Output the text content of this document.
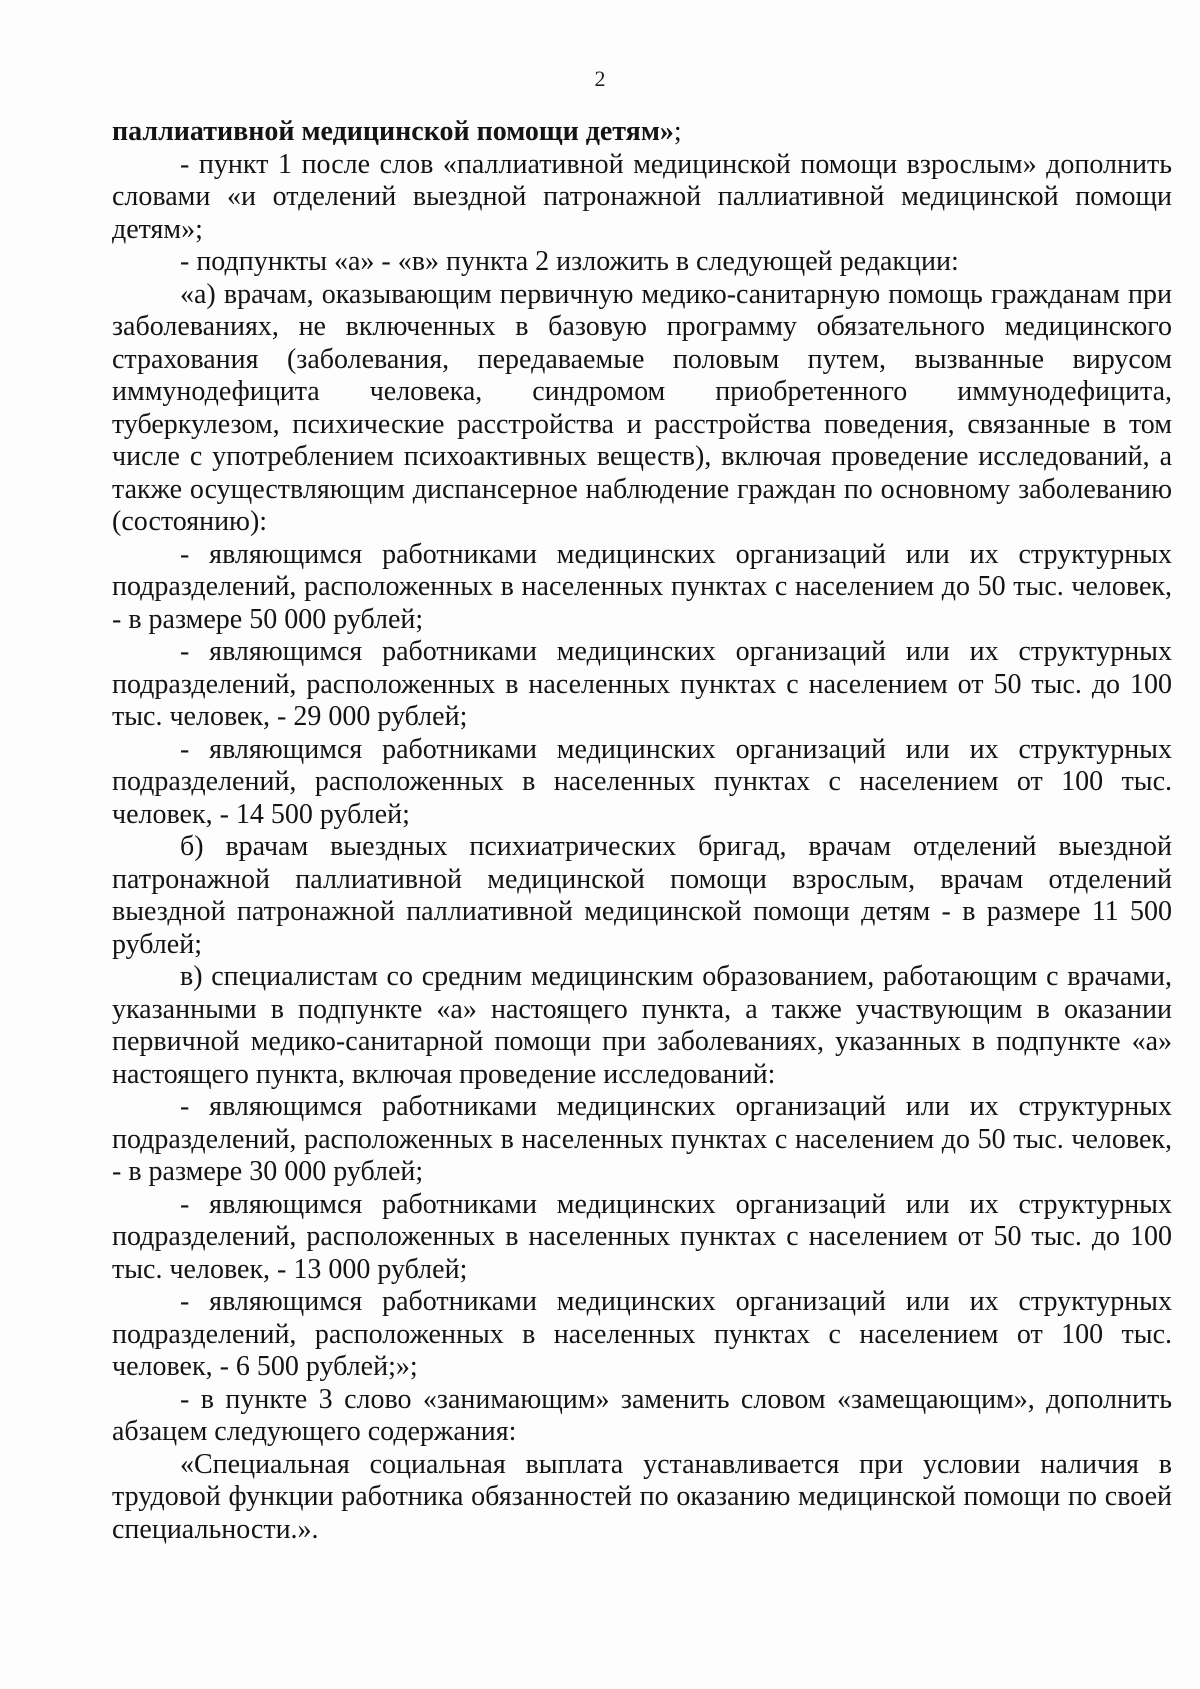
2

паллиативной медицинской помощи детям»;

- пункт 1 после слов «паллиативной медицинской помощи взрослым» дополнить словами «и отделений выездной патронажной паллиативной медицинской помощи детям»;

- подпункты «а» - «в» пункта 2 изложить в следующей редакции:

«а) врачам, оказывающим первичную медико-санитарную помощь гражданам при заболеваниях, не включенных в базовую программу обязательного медицинского страхования (заболевания, передаваемые половым путем, вызванные вирусом иммунодефицита человека, синдромом приобретенного иммунодефицита, туберкулезом, психические расстройства и расстройства поведения, связанные в том числе с употреблением психоактивных веществ), включая проведение исследований, а также осуществляющим диспансерное наблюдение граждан по основному заболеванию (состоянию):

- являющимся работниками медицинских организаций или их структурных подразделений, расположенных в населенных пунктах с населением до 50 тыс. человек, - в размере 50 000 рублей;

- являющимся работниками медицинских организаций или их структурных подразделений, расположенных в населенных пунктах с населением от 50 тыс. до 100 тыс. человек, - 29 000 рублей;

- являющимся работниками медицинских организаций или их структурных подразделений, расположенных в населенных пунктах с населением от 100 тыс. человек, - 14 500 рублей;

б) врачам выездных психиатрических бригад, врачам отделений выездной патронажной паллиативной медицинской помощи взрослым, врачам отделений выездной патронажной паллиативной медицинской помощи детям - в размере 11 500 рублей;

в) специалистам со средним медицинским образованием, работающим с врачами, указанными в подпункте «а» настоящего пункта, а также участвующим в оказании первичной медико-санитарной помощи при заболеваниях, указанных в подпункте «а» настоящего пункта, включая проведение исследований:

- являющимся работниками медицинских организаций или их структурных подразделений, расположенных в населенных пунктах с населением до 50 тыс. человек, - в размере 30 000 рублей;

- являющимся работниками медицинских организаций или их структурных подразделений, расположенных в населенных пунктах с населением от 50 тыс. до 100 тыс. человек, - 13 000 рублей;

- являющимся работниками медицинских организаций или их структурных подразделений, расположенных в населенных пунктах с населением от 100 тыс. человек, - 6 500 рублей;»;

- в пункте 3 слово «занимающим» заменить словом «замещающим», дополнить абзацем следующего содержания:

«Специальная социальная выплата устанавливается при условии наличия в трудовой функции работника обязанностей по оказанию медицинской помощи по своей специальности.».
